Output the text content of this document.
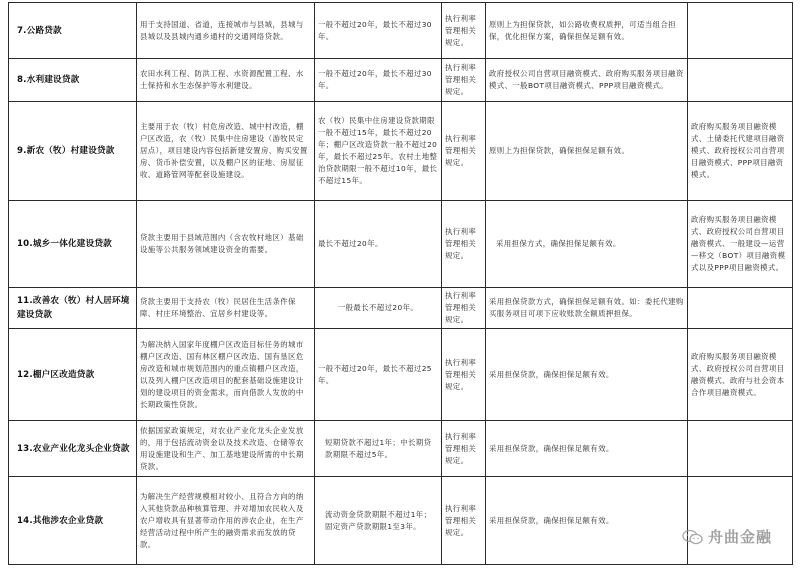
7.公路贷款	用于支持国道、省道，连接城市与县城，县城与县城以及县城内通乡通村的交通网络贷款。	一般不超过20年，最长不超过30年。	执行利率管理相关规定。	原则上为担保贷款，如公路收费权质押，可适当组合担保，优化担保方案，确保担保足额有效。	
8.水利建设贷款	农田水利工程、防洪工程、水资源配置工程、水土保持和水生态保护等水利建设。	一般不超过20年，最长不超过30年。	执行利率管理相关规定。	政府授权公司自营项目融资模式、政府购买服务项目融资模式、一般BOT项目融资模式、PPP项目融资模式。	
9.新农（牧）村建设贷款	主要用于农（牧）村危房改造、城中村改造，棚户区改造，农（牧）民集中住房建设（游牧民定居点），项目建设内容包括新建安置房、购买安置房、货币补偿安置，以及棚户区的征地、房屋征收、道路管网等配套设施建设。	农（牧）民集中住房建设贷款期限一般不超过15年，最长不超过20年；棚户区改造贷款一般不超过20年，最长不超过25年。农村土地整治贷款期限一般不超过10年，最长不超过15年。	执行利率管理相关规定。	原则上为担保贷款，确保担保足额有效。	政府购买服务项目融资模式、土储委托代建项目融资模式、政府授权公司自营项目融资模式、PPP项目融资模式。
10.城乡一体化建设贷款	贷款主要用于县域范围内（含农牧村地区）基础设施等公共服务领域建设资金的需要。	最长不超过20年。	执行利率管理相关规定。	采用担保方式，确保担保足额有效。	政府购买服务项目融资模式、政府授权公司自营项目融资模式、一般建设—运营—移交（BOT）项目融资模式以及PPP项目融资模式。
11.改善农（牧）村人居环境建设贷款	贷款主要用于支持农（牧）民居住生活条件保障、村庄环境整治、宜居乡村建设等。	一般最长不超过20年。	执行利率管理相关规定。	采用担保贷款方式，确保担保足额有效。如：委托代建购买服务项目可项下应收账款全额质押担保。	
12.棚户区改造贷款	为解决纳入国家年度棚户区改造目标任务的城市棚户区改造、国有林区棚户区改造、国有垦区危房改造和城市规划范围内的重点镇棚户区改造，以及列入棚户区改造项目的配套基础设施建设计划的建设项目的资金需求，而向借款人发放的中长期政策性贷款。	一般不超过20年，最长不超过25年。	执行利率管理相关规定。	采用担保贷款，确保担保足额有效。	政府购买服务项目融资模式、政府授权公司自营项目融资模式、政府与社会资本合作项目融资模式。
13.农业产业化龙头企业贷款	依据国家政策规定，对农业产业化龙头企业发放的，用于包括流动资金以及技术改造、仓储等农用设施建设和生产、加工基地建设所需的中长期贷款。	短期贷款不超过1年；中长期贷款期限不超过5年。	执行利率管理相关规定。	采用担保贷款，确保担保足额有效。	
14.其他涉农企业贷款	为解决生产经营规模相对较小、且符合方向的纳入其他贷款品种核算管理、并对增加农民收入及农户增收具有显著带动作用的涉农企业，在生产经营活动过程中所产生的融资需求而发放的贷款。	流动资金贷款期限不超过1年；固定资产贷款期限1至3年。	执行利率管理相关规定。	采用担保贷款，确保担保足额有效。	
舟曲金融
